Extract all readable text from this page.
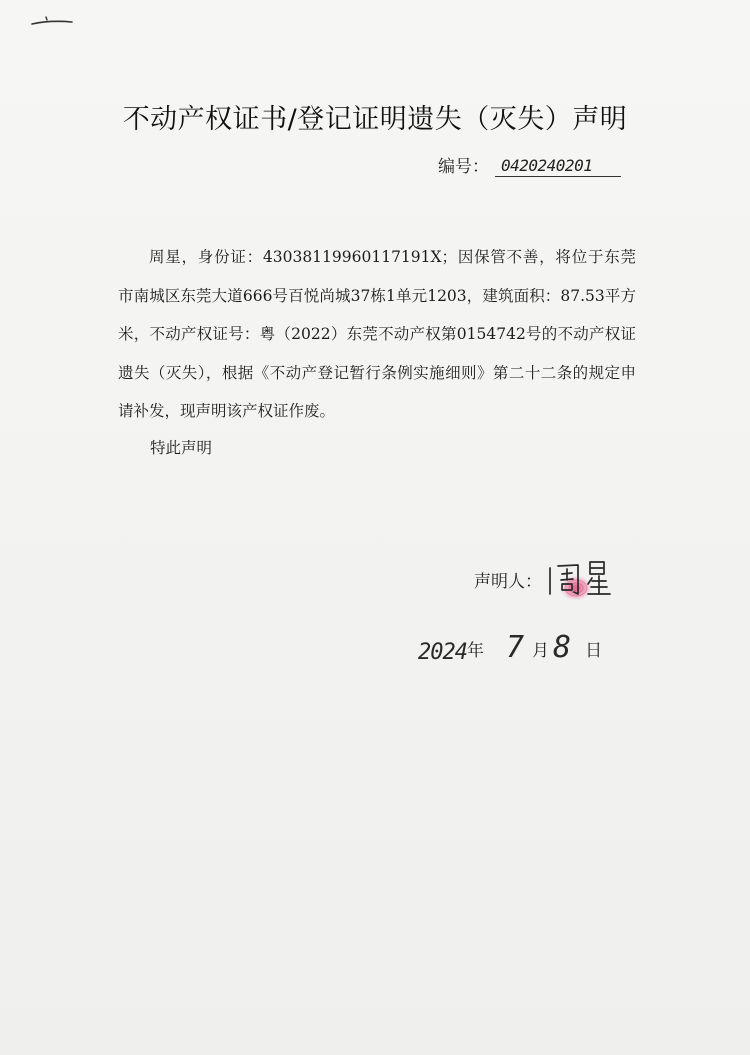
不动产权证书/登记证明遗失（灭失）声明
编号： 0420240201

周星，身份证：43038119960117191X；因保管不善，将位于东莞市南城区东莞大道666号百悦尚城37栋1单元1203，建筑面积：87.53平方米，不动产权证号：粤（2022）东莞不动产权第0154742号的不动产权证遗失（灭失），根据《不动产登记暂行条例实施细则》第二十二条的规定申请补发，现声明该产权证作废。

特此声明
声明人：
2024 年 7 月 8 日
